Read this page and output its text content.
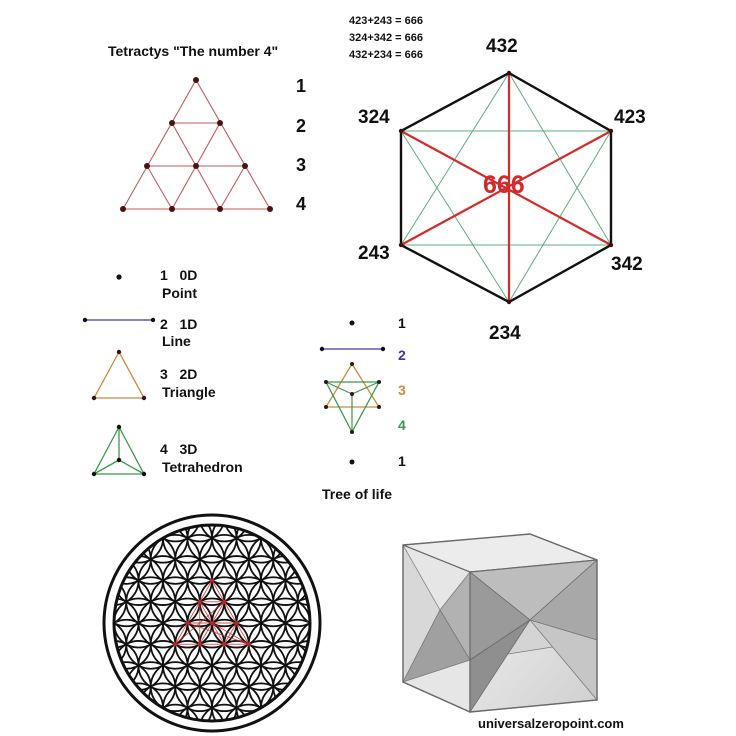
Tetractys "The number 4"
1
2
3
4
423+243 = 666
324+342 = 666
432+234 = 666	432
423
342
234
243
324
666
1 0D
Point
2 1D
Line
3 2D
Triangle
4 3D
Tetrahedron
1
2
3
4
1
Tree of life
universalzeropoint.com
